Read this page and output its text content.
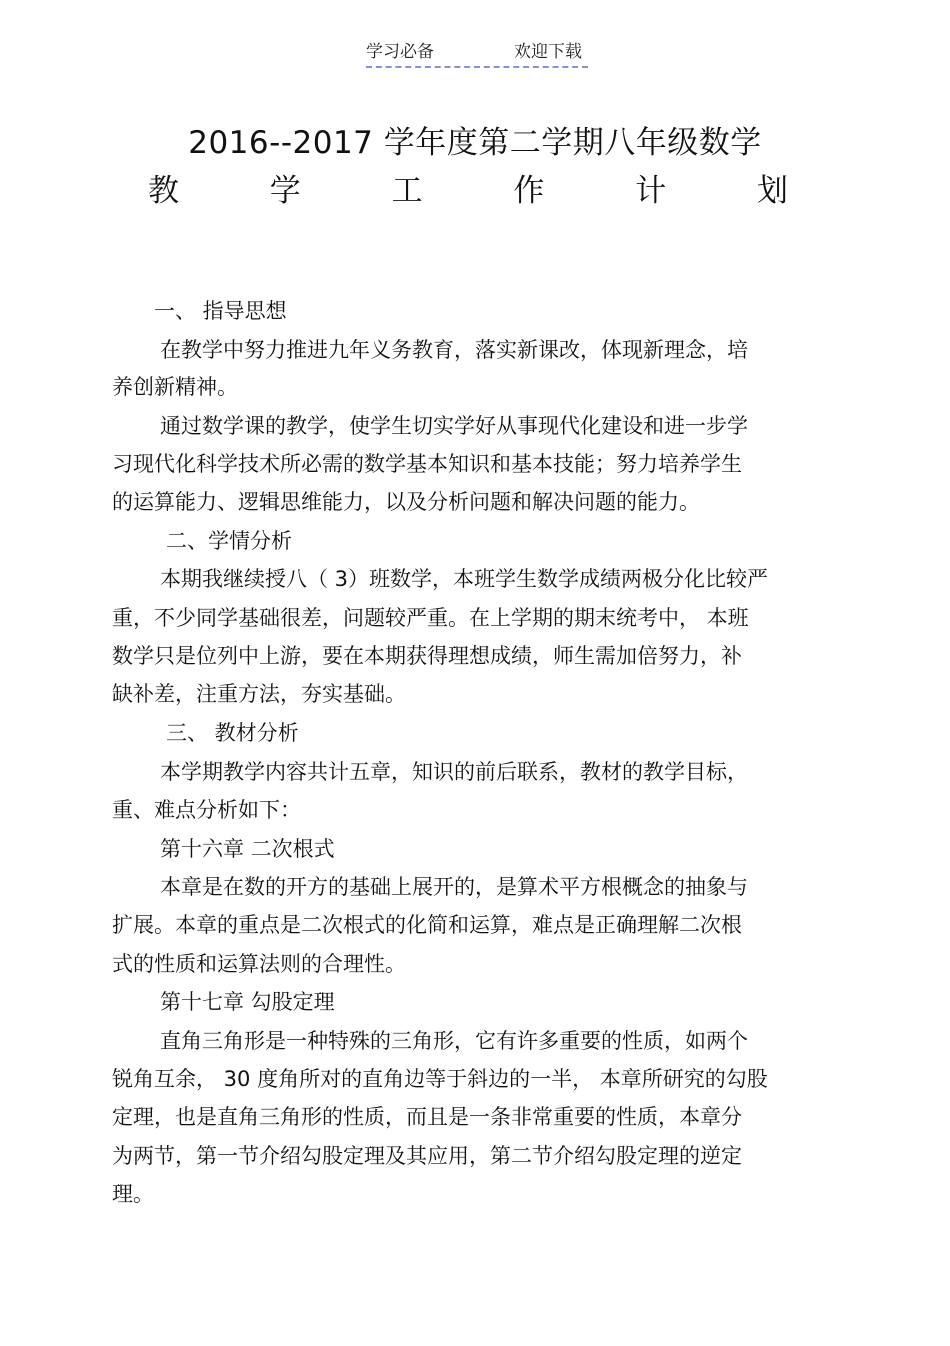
学习必备	欢迎下载
2016--2017 学年度第二学期八年级数学
教	学	工	作	计	划

一、 指导思想

在教学中努力推进九年义务教育，落实新课改，体现新理念，培

养创新精神。

通过数学课的教学，使学生切实学好从事现代化建设和进一步学

习现代化科学技术所必需的数学基本知识和基本技能；努力培养学生

的运算能力、逻辑思维能力，以及分析问题和解决问题的能力。

二、学情分析

本期我继续授八（ 3）班数学，本班学生数学成绩两极分化比较严

重，不少同学基础很差，问题较严重。在上学期的期末统考中， 本班

数学只是位列中上游，要在本期获得理想成绩，师生需加倍努力，补

缺补差，注重方法，夯实基础。

三、 教材分析

本学期教学内容共计五章，知识的前后联系，教材的教学目标，

重、难点分析如下：

第十六章 二次根式

本章是在数的开方的基础上展开的，是算术平方根概念的抽象与

扩展。本章的重点是二次根式的化简和运算，难点是正确理解二次根

式的性质和运算法则的合理性。

第十七章 勾股定理

直角三角形是一种特殊的三角形，它有许多重要的性质，如两个

锐角互余， 30 度角所对的直角边等于斜边的一半， 本章所研究的勾股

定理，也是直角三角形的性质，而且是一条非常重要的性质，本章分

为两节，第一节介绍勾股定理及其应用，第二节介绍勾股定理的逆定

理。
